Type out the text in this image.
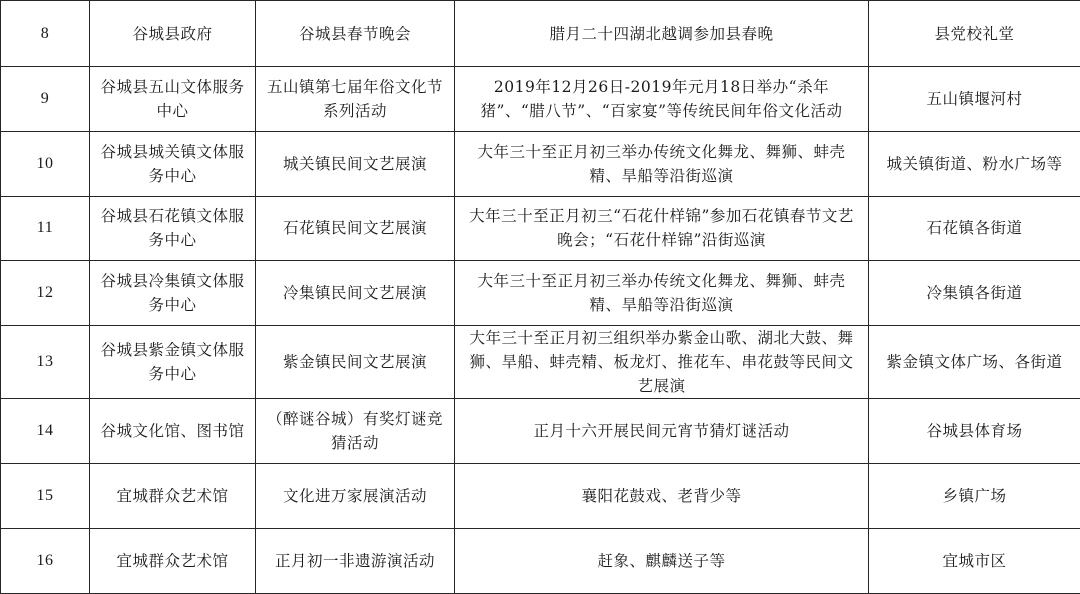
8	谷城县政府	谷城县春节晚会	腊月二十四湖北越调参加县春晚	县党校礼堂
9	谷城县五山文体服务中心	五山镇第七届年俗文化节系列活动	2019年12月26日-2019年元月18日举办“杀年猪”、“腊八节”、“百家宴”等传统民间年俗文化活动	五山镇堰河村
10	谷城县城关镇文体服务中心	城关镇民间文艺展演	大年三十至正月初三举办传统文化舞龙、舞狮、蚌壳精、旱船等沿街巡演	城关镇街道、粉水广场等
11	谷城县石花镇文体服务中心	石花镇民间文艺展演	大年三十至正月初三“石花什样锦”参加石花镇春节文艺晚会；“石花什样锦”沿街巡演	石花镇各街道
12	谷城县冷集镇文体服务中心	冷集镇民间文艺展演	大年三十至正月初三举办传统文化舞龙、舞狮、蚌壳精、旱船等沿街巡演	冷集镇各街道
13	谷城县紫金镇文体服务中心	紫金镇民间文艺展演	大年三十至正月初三组织举办紫金山歌、湖北大鼓、舞狮、旱船、蚌壳精、板龙灯、推花车、串花鼓等民间文艺展演	紫金镇文体广场、各街道
14	谷城文化馆、图书馆	（醉谜谷城）有奖灯谜竞猜活动	正月十六开展民间元宵节猜灯谜活动	谷城县体育场
15	宜城群众艺术馆	文化进万家展演活动	襄阳花鼓戏、老背少等	乡镇广场
16	宜城群众艺术馆	正月初一非遗游演活动	赶象、麒麟送子等	宜城市区
